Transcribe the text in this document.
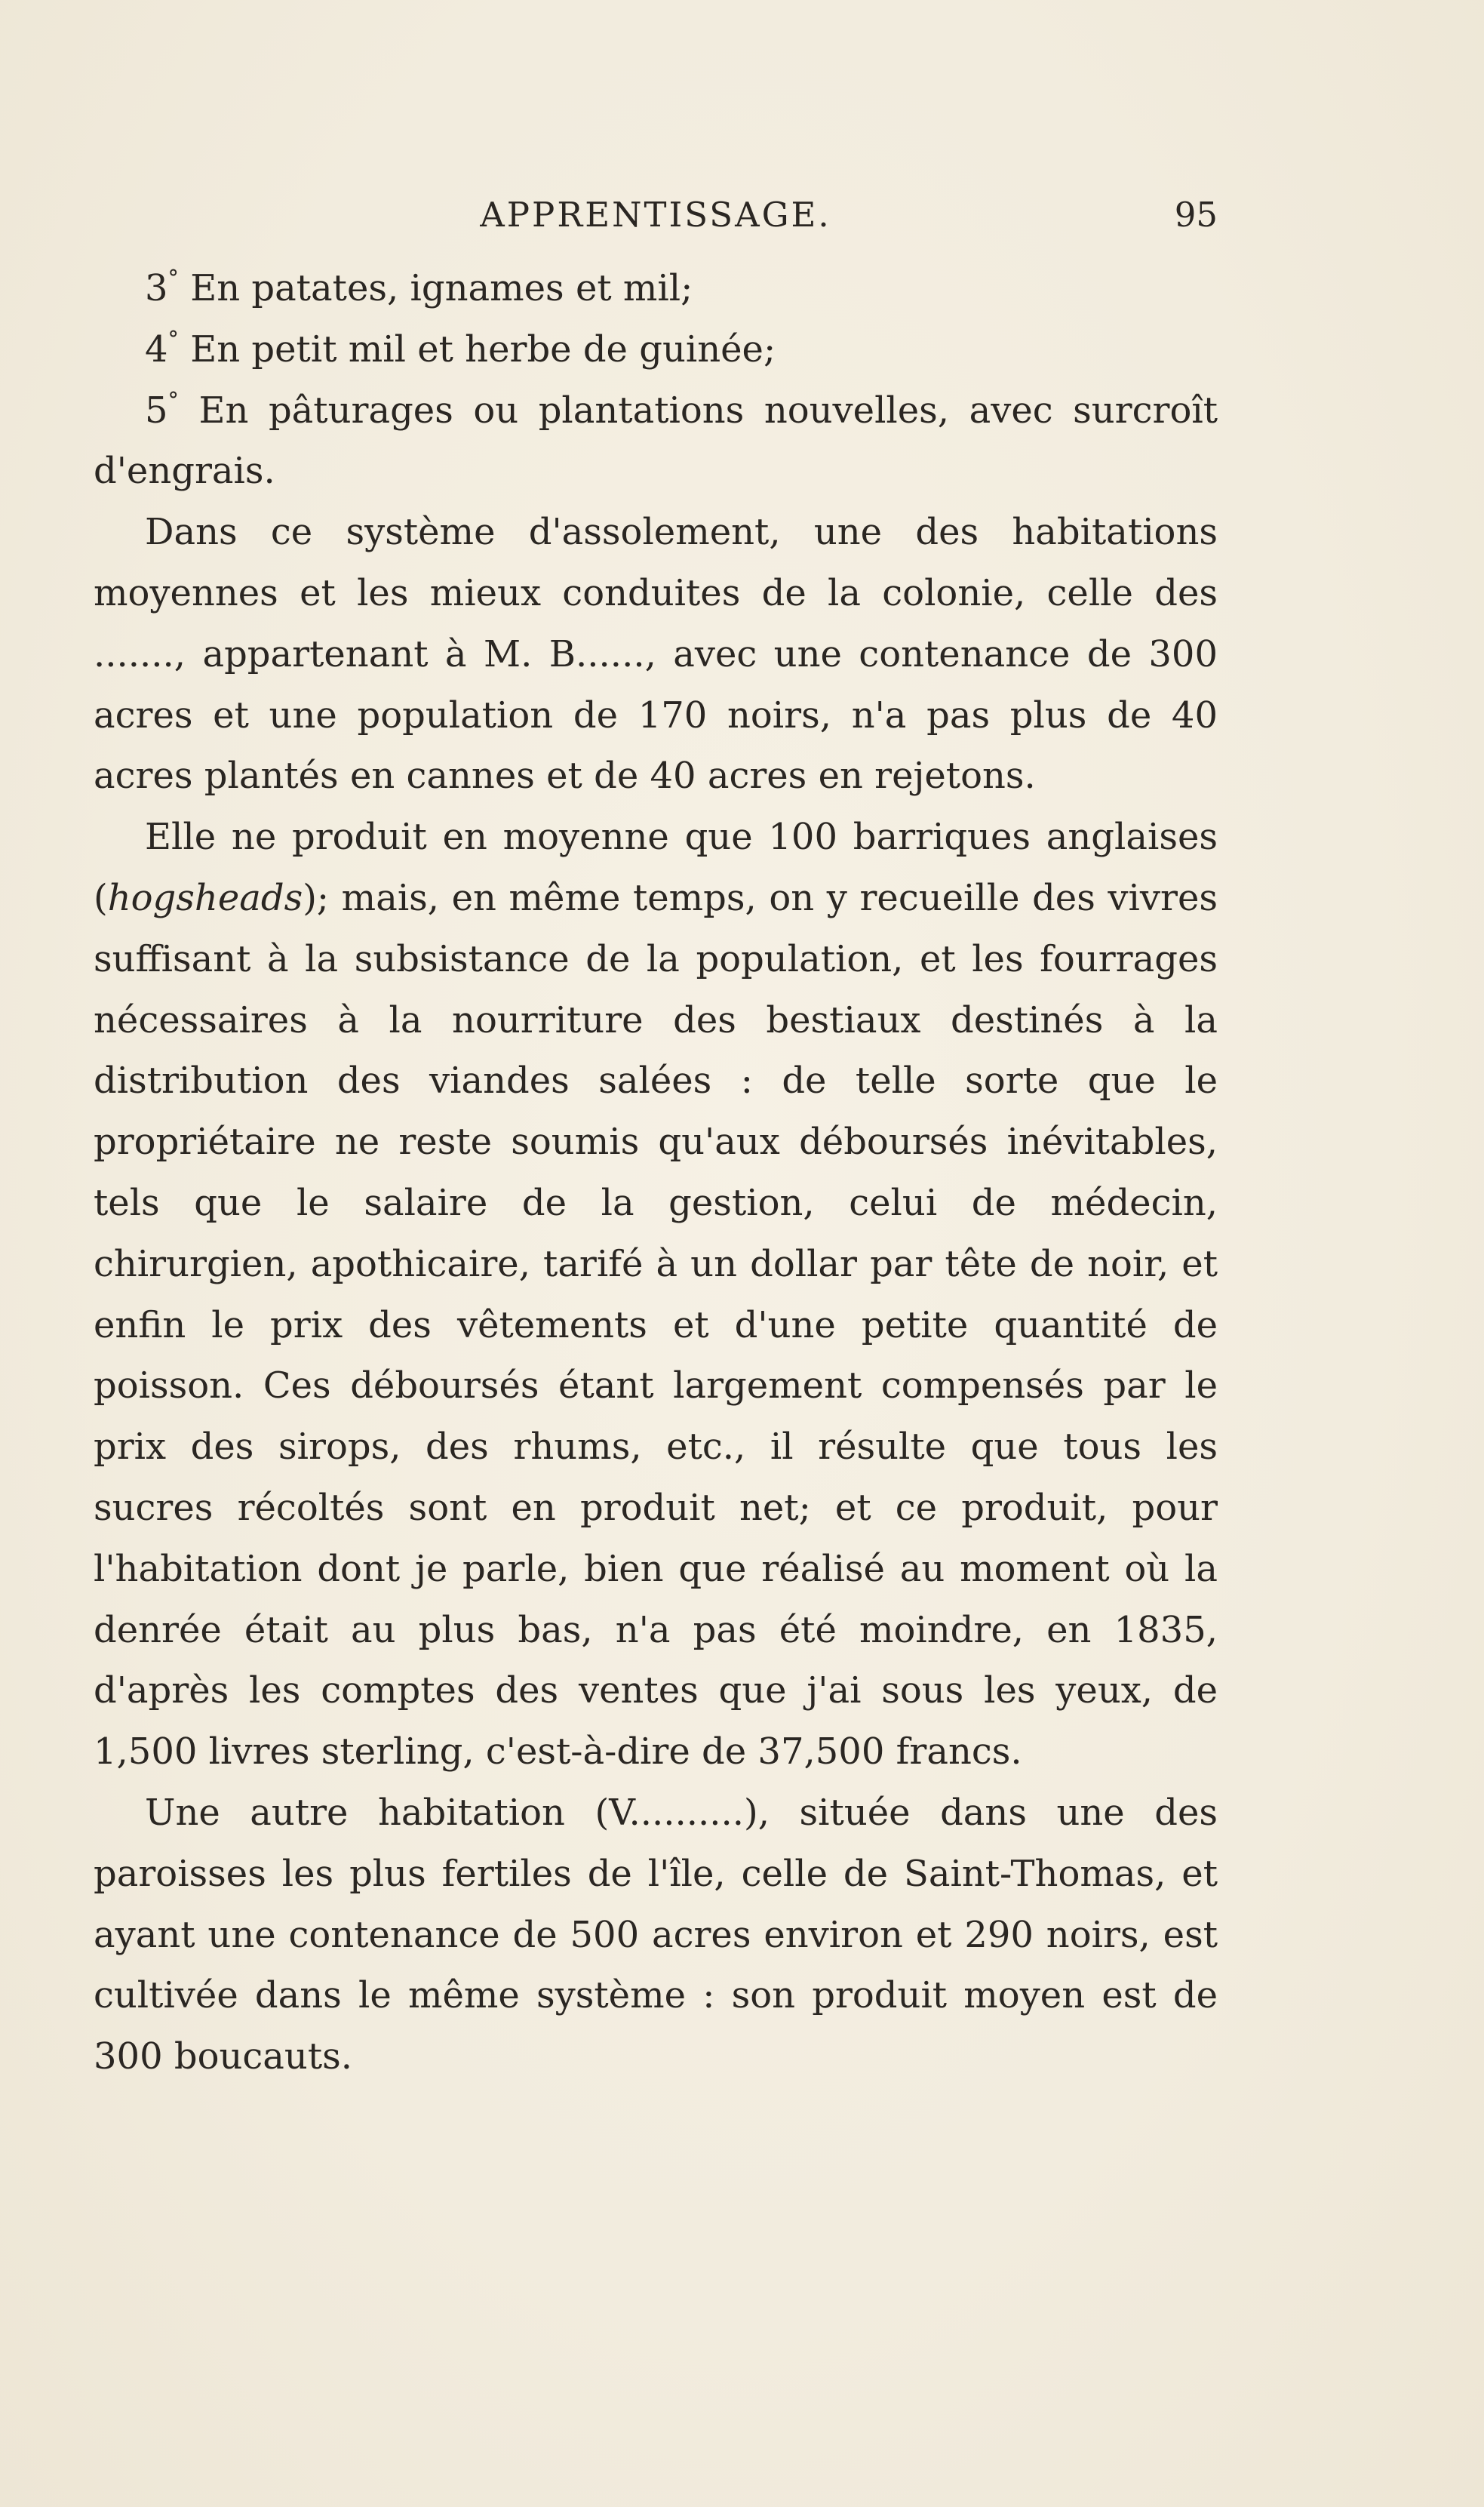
APPRENTISSAGE.	95

3° En patates, ignames et mil;

4° En petit mil et herbe de guinée;

5° En pâturages ou plantations nouvelles, avec surcroît d'engrais.

Dans ce système d'assolement, une des habitations moyennes et les mieux conduites de la colonie, celle des ......., appartenant à M. B......, avec une contenance de 300 acres et une population de 170 noirs, n'a pas plus de 40 acres plantés en cannes et de 40 acres en rejetons.

Elle ne produit en moyenne que 100 barriques anglaises (hogsheads); mais, en même temps, on y recueille des vivres suffisant à la subsistance de la population, et les fourrages nécessaires à la nourriture des bestiaux destinés à la distribution des viandes salées : de telle sorte que le propriétaire ne reste soumis qu'aux déboursés inévitables, tels que le salaire de la gestion, celui de médecin, chirurgien, apothicaire, tarifé à un dollar par tête de noir, et enfin le prix des vêtements et d'une petite quantité de poisson. Ces déboursés étant largement compensés par le prix des sirops, des rhums, etc., il résulte que tous les sucres récoltés sont en produit net; et ce produit, pour l'habitation dont je parle, bien que réalisé au moment où la denrée était au plus bas, n'a pas été moindre, en 1835, d'après les comptes des ventes que j'ai sous les yeux, de 1,500 livres sterling, c'est-à-dire de 37,500 francs.

Une autre habitation (V..........), située dans une des paroisses les plus fertiles de l'île, celle de Saint-Thomas, et ayant une contenance de 500 acres environ et 290 noirs, est cultivée dans le même système : son produit moyen est de 300 boucauts.
